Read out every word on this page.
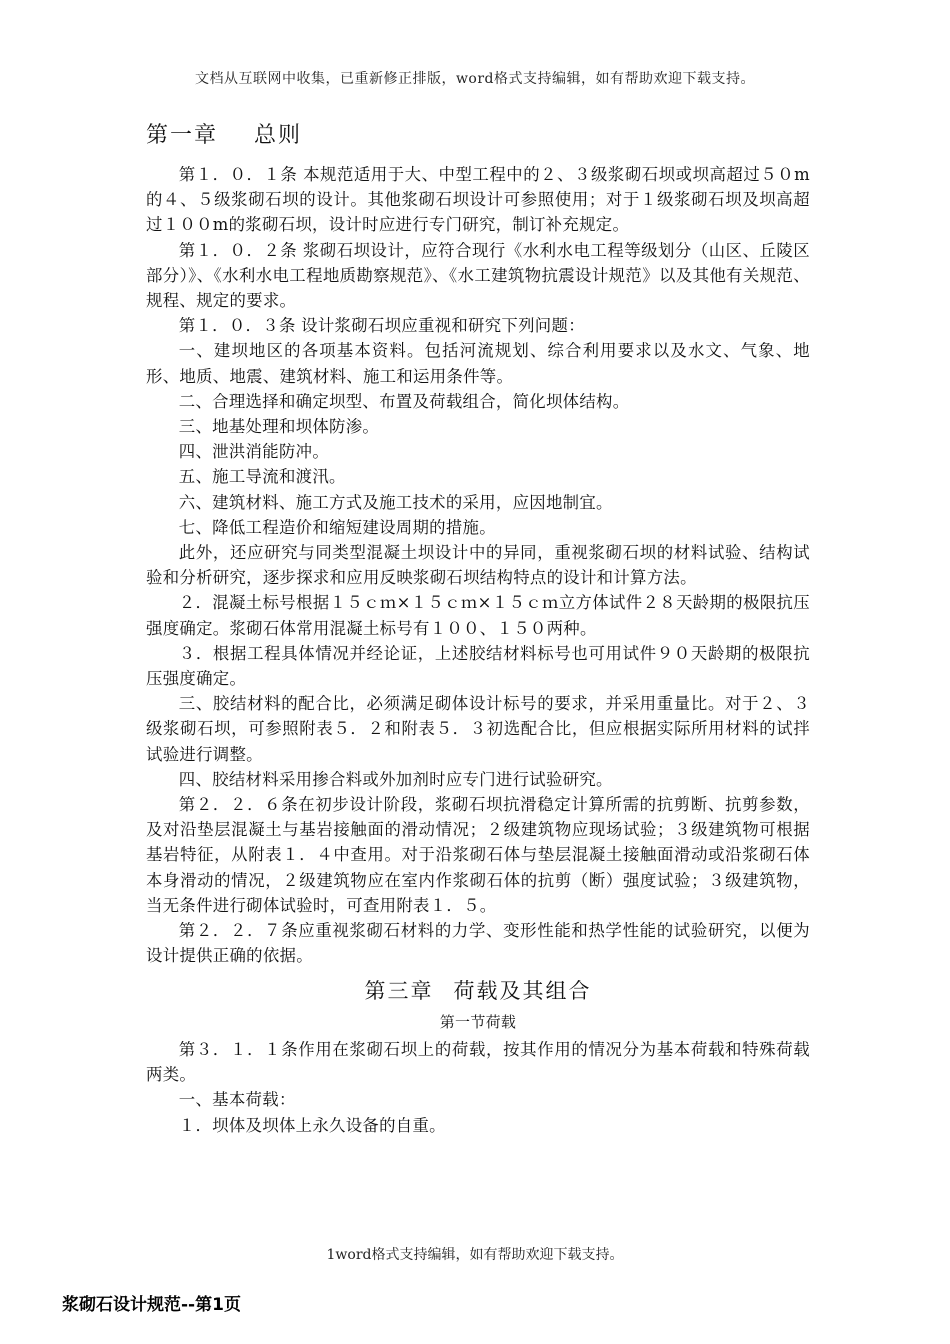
文档从互联网中收集，已重新修正排版，word格式支持编辑，如有帮助欢迎下载支持。
第一章 总则

第１．０．１条 本规范适用于大、中型工程中的２、３级浆砌石坝或坝高超过５０m的４、５级浆砌石坝的设计。其他浆砌石坝设计可参照使用；对于１级浆砌石坝及坝高超过１００m的浆砌石坝，设计时应进行专门研究，制订补充规定。

第１．０．２条 浆砌石坝设计，应符合现行《水利水电工程等级划分（山区、丘陵区部分）》、《水利水电工程地质勘察规范》、《水工建筑物抗震设计规范》以及其他有关规范、规程、规定的要求。

第１．０．３条 设计浆砌石坝应重视和研究下列问题：

一、建坝地区的各项基本资料。包括河流规划、综合利用要求以及水文、气象、地形、地质、地震、建筑材料、施工和运用条件等。

二、合理选择和确定坝型、布置及荷载组合，简化坝体结构。

三、地基处理和坝体防渗。

四、泄洪消能防冲。

五、施工导流和渡汛。

六、建筑材料、施工方式及施工技术的采用，应因地制宜。

七、降低工程造价和缩短建设周期的措施。

此外，还应研究与同类型混凝土坝设计中的异同，重视浆砌石坝的材料试验、结构试验和分析研究，逐步探求和应用反映浆砌石坝结构特点的设计和计算方法。

２．混凝土标号根据１５ｃｍ×１５ｃｍ×１５ｃｍ立方体试件２８天龄期的极限抗压强度确定。浆砌石体常用混凝土标号有１００、１５０两种。

３．根据工程具体情况并经论证，上述胶结材料标号也可用试件９０天龄期的极限抗压强度确定。

三、胶结材料的配合比，必须满足砌体设计标号的要求，并采用重量比。对于２、３级浆砌石坝，可参照附表５．２和附表５．３初选配合比，但应根据实际所用材料的试拌试验进行调整。

四、胶结材料采用掺合料或外加剂时应专门进行试验研究。

第２．２．６条在初步设计阶段，浆砌石坝抗滑稳定计算所需的抗剪断、抗剪参数，及对沿垫层混凝土与基岩接触面的滑动情况；２级建筑物应现场试验；３级建筑物可根据基岩特征，从附表１．４中查用。对于沿浆砌石体与垫层混凝土接触面滑动或沿浆砌石体本身滑动的情况，２级建筑物应在室内作浆砌石体的抗剪（断）强度试验；３级建筑物，当无条件进行砌体试验时，可查用附表１．５。

第２．２．７条应重视浆砌石材料的力学、变形性能和热学性能的试验研究，以便为设计提供正确的依据。

第三章 荷载及其组合
第一节荷载

第３．１．１条作用在浆砌石坝上的荷载，按其作用的情况分为基本荷载和特殊荷载两类。

一、基本荷载：

１．坝体及坝体上永久设备的自重。

1word格式支持编辑，如有帮助欢迎下载支持。
浆砌石设计规范--第1页
